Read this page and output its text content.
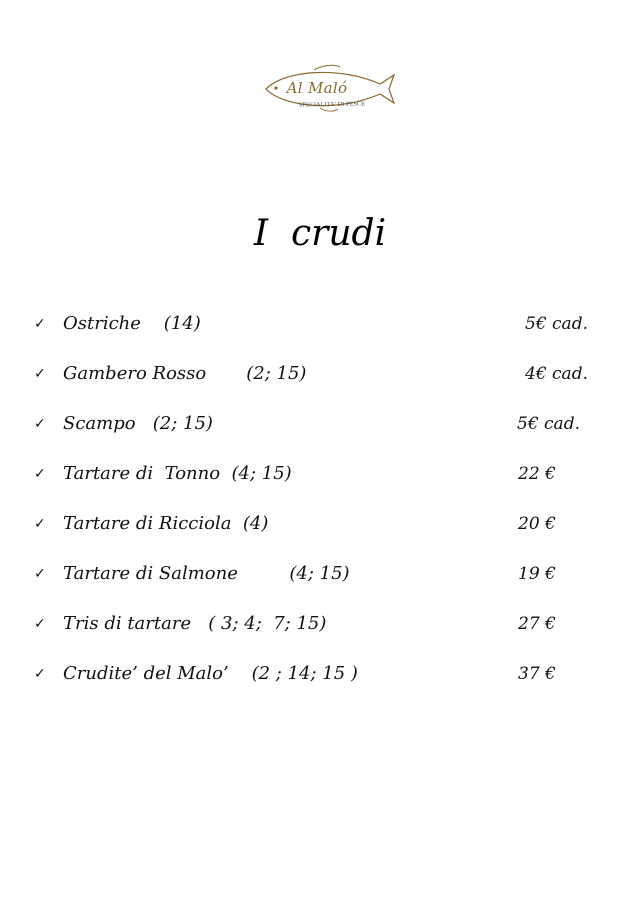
Al Maló
SPECIALITA' DI PESCE
I  crudi
✓ Ostriche    (14)	5€ cad.
✓ Gambero Rosso       (2; 15)	4€ cad.
✓ Scampo   (2; 15)	5€ cad.
✓ Tartare di  Tonno  (4; 15)	22 €
✓ Tartare di Ricciola  (4)	20 €
✓ Tartare di Salmone         (4; 15)	19 €
✓ Tris di tartare   ( 3; 4;  7; 15)	27 €
✓ Crudite’ del Malo’    (2 ; 14; 15 )	37 €
